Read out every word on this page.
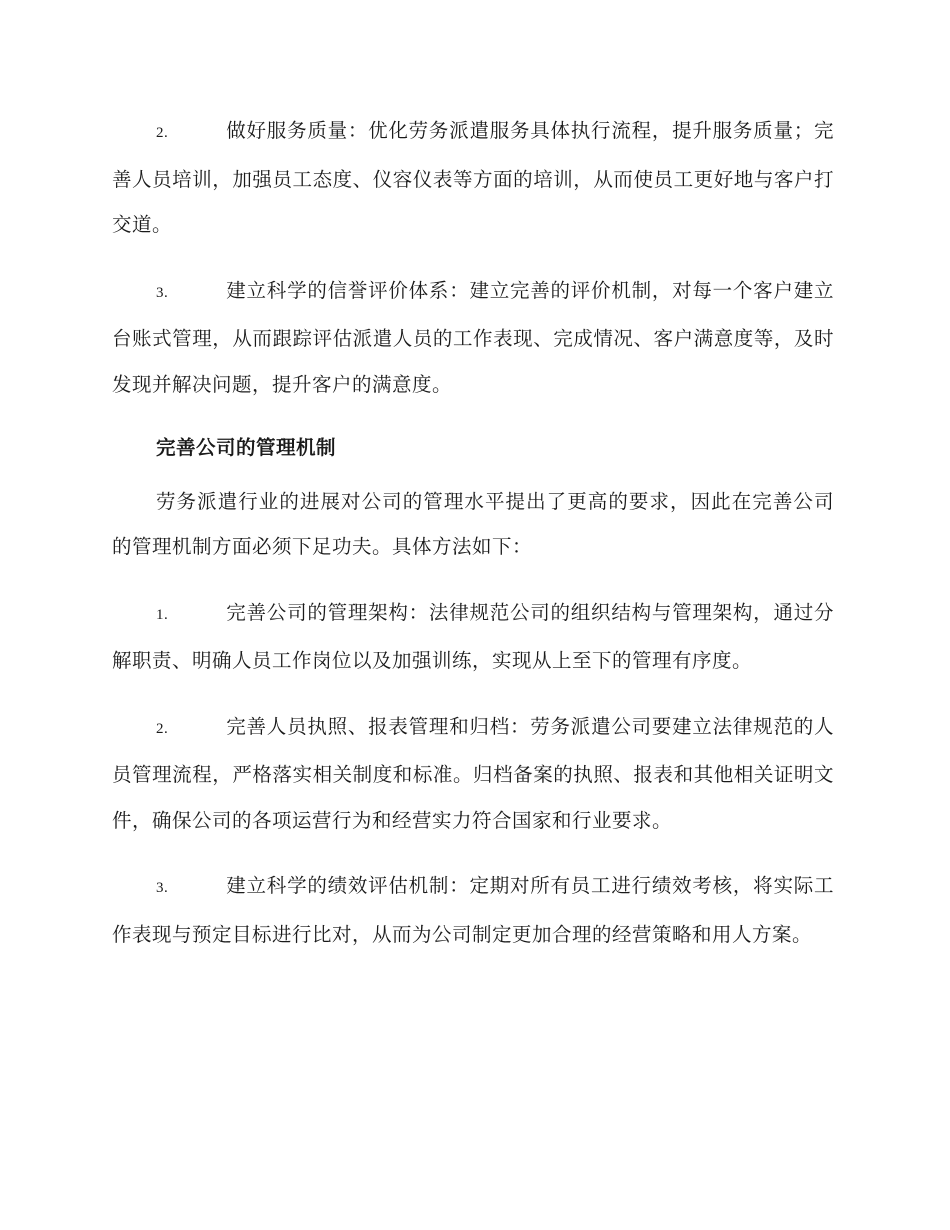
2.	做好服务质量：优化劳务派遣服务具体执行流程，提升服务质量；完善人员培训，加强员工态度、仪容仪表等方面的培训，从而使员工更好地与客户打交道。

3.	建立科学的信誉评价体系：建立完善的评价机制，对每一个客户建立台账式管理，从而跟踪评估派遣人员的工作表现、完成情况、客户满意度等，及时发现并解决问题，提升客户的满意度。

完善公司的管理机制

劳务派遣行业的进展对公司的管理水平提出了更高的要求，因此在完善公司的管理机制方面必须下足功夫。具体方法如下：

1.	完善公司的管理架构：法律规范公司的组织结构与管理架构，通过分解职责、明确人员工作岗位以及加强训练，实现从上至下的管理有序度。

2.	完善人员执照、报表管理和归档：劳务派遣公司要建立法律规范的人员管理流程，严格落实相关制度和标准。归档备案的执照、报表和其他相关证明文件，确保公司的各项运营行为和经营实力符合国家和行业要求。

3.	建立科学的绩效评估机制：定期对所有员工进行绩效考核，将实际工作表现与预定目标进行比对，从而为公司制定更加合理的经营策略和用人方案。
